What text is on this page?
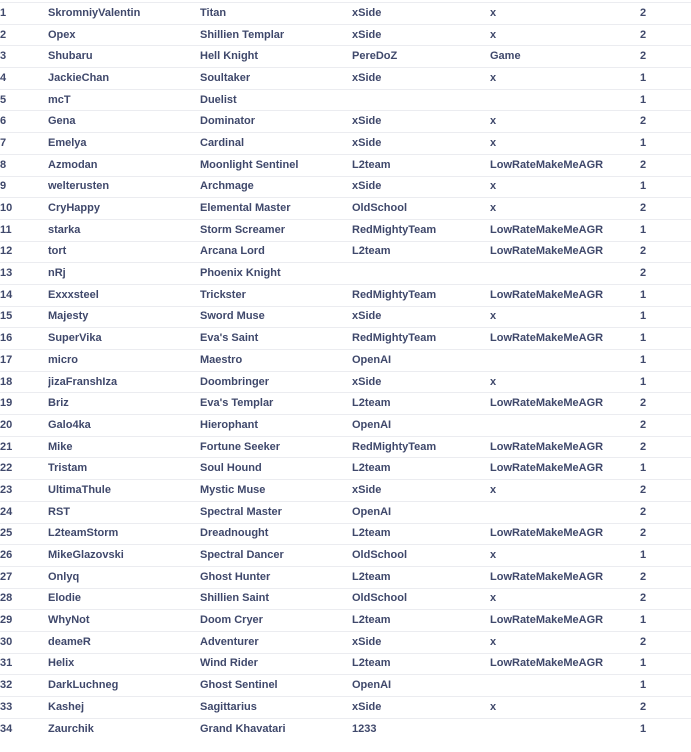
1	SkromniyValentin	Titan	xSide	x	2
2	Opex	Shillien Templar	xSide	x	2
3	Shubaru	Hell Knight	PereDoZ	Game	2
4	JackieChan	Soultaker	xSide	x	1
5	mcT	Duelist			1
6	Gena	Dominator	xSide	x	2
7	Emelya	Cardinal	xSide	x	1
8	Azmodan	Moonlight Sentinel	L2team	LowRateMakeMeAGR	2
9	welterusten	Archmage	xSide	x	1
10	CryHappy	Elemental Master	OldSchool	x	2
11	starka	Storm Screamer	RedMightyTeam	LowRateMakeMeAGR	1
12	tort	Arcana Lord	L2team	LowRateMakeMeAGR	2
13	nRj	Phoenix Knight			2
14	Exxxsteel	Trickster	RedMightyTeam	LowRateMakeMeAGR	1
15	Majesty	Sword Muse	xSide	x	1
16	SuperVika	Eva's Saint	RedMightyTeam	LowRateMakeMeAGR	1
17	micro	Maestro	OpenAI		1
18	jizaFranshIza	Doombringer	xSide	x	1
19	Briz	Eva's Templar	L2team	LowRateMakeMeAGR	2
20	Galo4ka	Hierophant	OpenAI		2
21	Mike	Fortune Seeker	RedMightyTeam	LowRateMakeMeAGR	2
22	Tristam	Soul Hound	L2team	LowRateMakeMeAGR	1
23	UltimaThule	Mystic Muse	xSide	x	2
24	RST	Spectral Master	OpenAI		2
25	L2teamStorm	Dreadnought	L2team	LowRateMakeMeAGR	2
26	MikeGlazovski	Spectral Dancer	OldSchool	x	1
27	Onlyq	Ghost Hunter	L2team	LowRateMakeMeAGR	2
28	Elodie	Shillien Saint	OldSchool	x	2
29	WhyNot	Doom Cryer	L2team	LowRateMakeMeAGR	1
30	deameR	Adventurer	xSide	x	2
31	Helix	Wind Rider	L2team	LowRateMakeMeAGR	1
32	DarkLuchneg	Ghost Sentinel	OpenAI		1
33	Kashej	Sagittarius	xSide	x	2
34	Zaurchik	Grand Khavatari	1233		1
